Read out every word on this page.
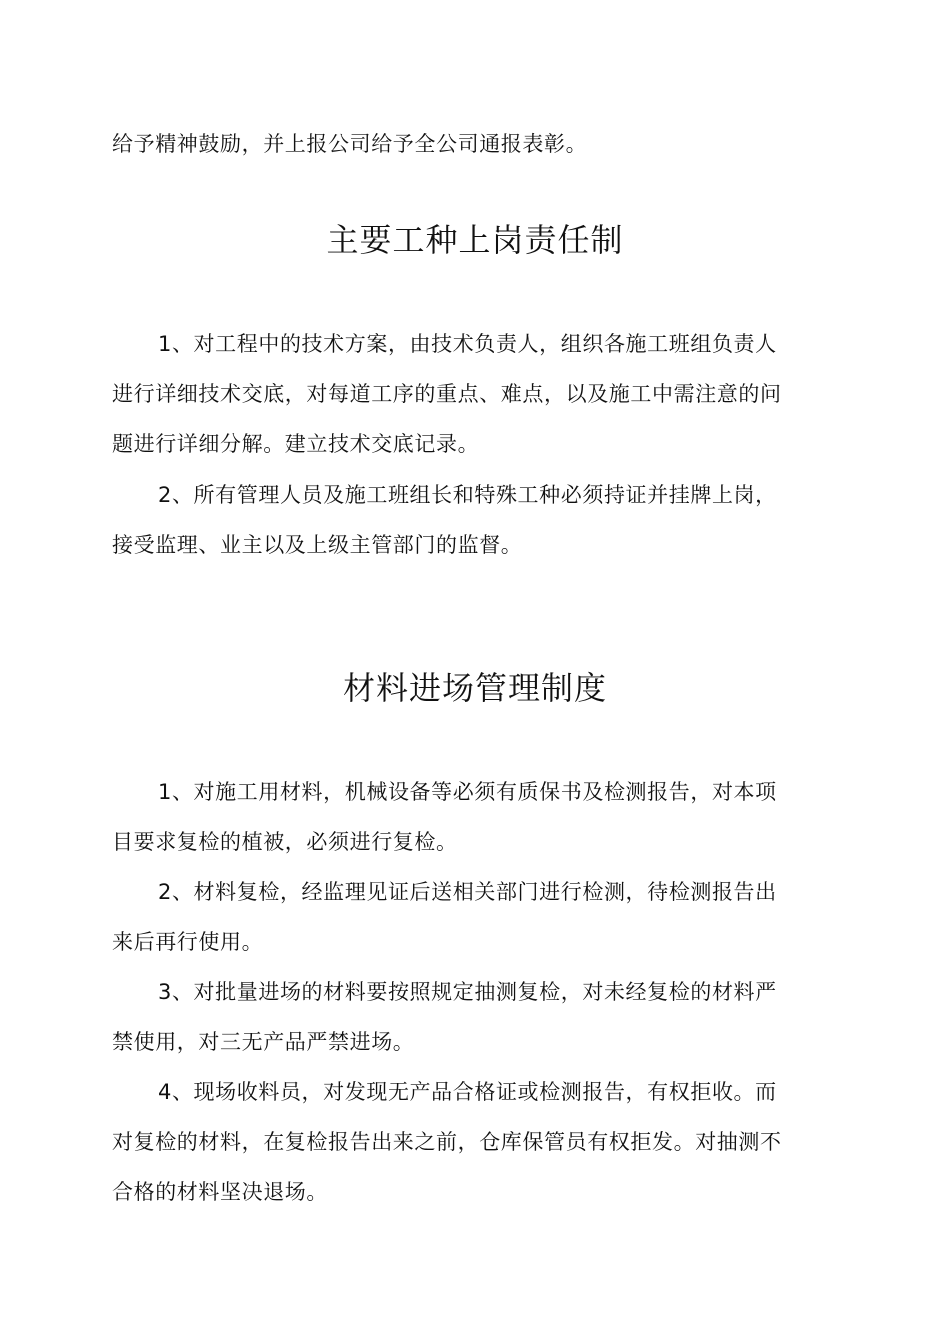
给予精神鼓励，并上报公司给予全公司通报表彰。
主要工种上岗责任制
1、对工程中的技术方案，由技术负责人，组织各施工班组负责人
进行详细技术交底，对每道工序的重点、难点，以及施工中需注意的问
题进行详细分解。建立技术交底记录。
2、所有管理人员及施工班组长和特殊工种必须持证并挂牌上岗，
接受监理、业主以及上级主管部门的监督。
材料进场管理制度
1、对施工用材料，机械设备等必须有质保书及检测报告，对本项
目要求复检的植被，必须进行复检。
2、材料复检，经监理见证后送相关部门进行检测，待检测报告出
来后再行使用。
3、对批量进场的材料要按照规定抽测复检，对未经复检的材料严
禁使用，对三无产品严禁进场。
4、现场收料员，对发现无产品合格证或检测报告，有权拒收。而
对复检的材料，在复检报告出来之前，仓库保管员有权拒发。对抽测不
合格的材料坚决退场。
